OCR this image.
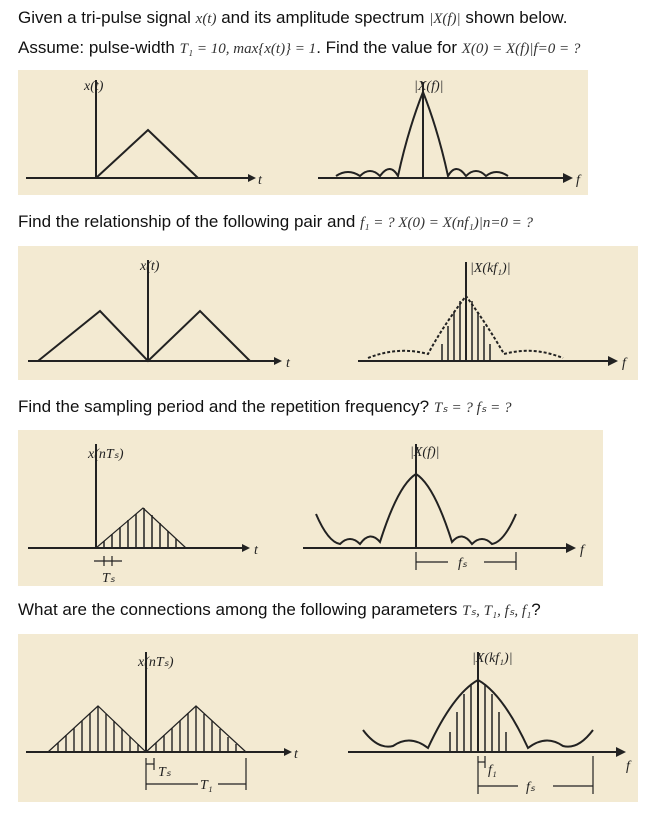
Given a tri-pulse signal x(t) and its amplitude spectrum |X(f)| shown below.
Assume: pulse-width T₁ = 10, max{x(t)} = 1. Find the value for X(0) = X(f)|f=0 = ?
x(t)	|X(f)|
f
t
Find the relationship of the following pair and f₁ = ? X(0) = X(nf₁)|n=0 = ?
x(t)	|X(kf₁)|
f
t
Find the sampling period and the repetition frequency? Tₛ = ? fₛ = ?
x(nTₛ)	|X(f)|
Tₛ
fₛ
f
t
What are the connections among the following parameters Tₛ, T₁, fₛ, f₁?
x(nTₛ)	|X(kf₁)|
Tₛ
T₁
f₁
fₛ
f
t
